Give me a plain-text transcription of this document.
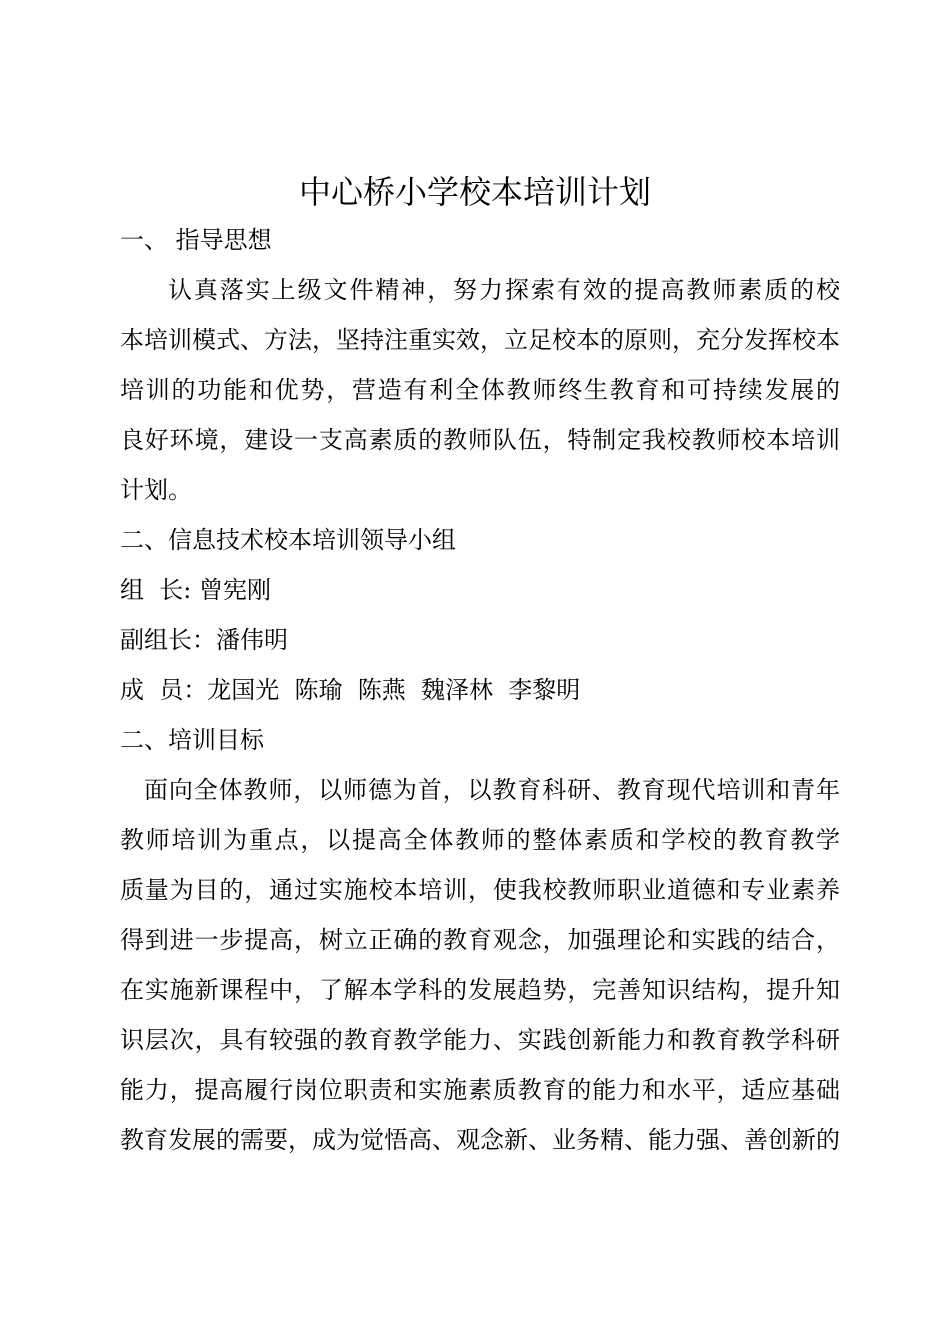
中心桥小学校本培训计划
一、 指导思想
认真落实上级文件精神，努力探索有效的提高教师素质的校
本培训模式、方法，坚持注重实效，立足校本的原则，充分发挥校本
培训的功能和优势，营造有利全体教师终生教育和可持续发展的
良好环境，建设一支高素质的教师队伍，特制定我校教师校本培训
计划。
二、信息技术校本培训领导小组
组  长: 曾宪刚
副组长：潘伟明
成  员：龙国光  陈瑜  陈燕  魏泽林  李黎明
二、培训目标
面向全体教师，以师德为首，以教育科研、教育现代培训和青年
教师培训为重点，以提高全体教师的整体素质和学校的教育教学
质量为目的，通过实施校本培训，使我校教师职业道德和专业素养
得到进一步提高，树立正确的教育观念，加强理论和实践的结合，
在实施新课程中，了解本学科的发展趋势，完善知识结构，提升知
识层次，具有较强的教育教学能力、实践创新能力和教育教学科研
能力，提高履行岗位职责和实施素质教育的能力和水平，适应基础
教育发展的需要，成为觉悟高、观念新、业务精、能力强、善创新的
